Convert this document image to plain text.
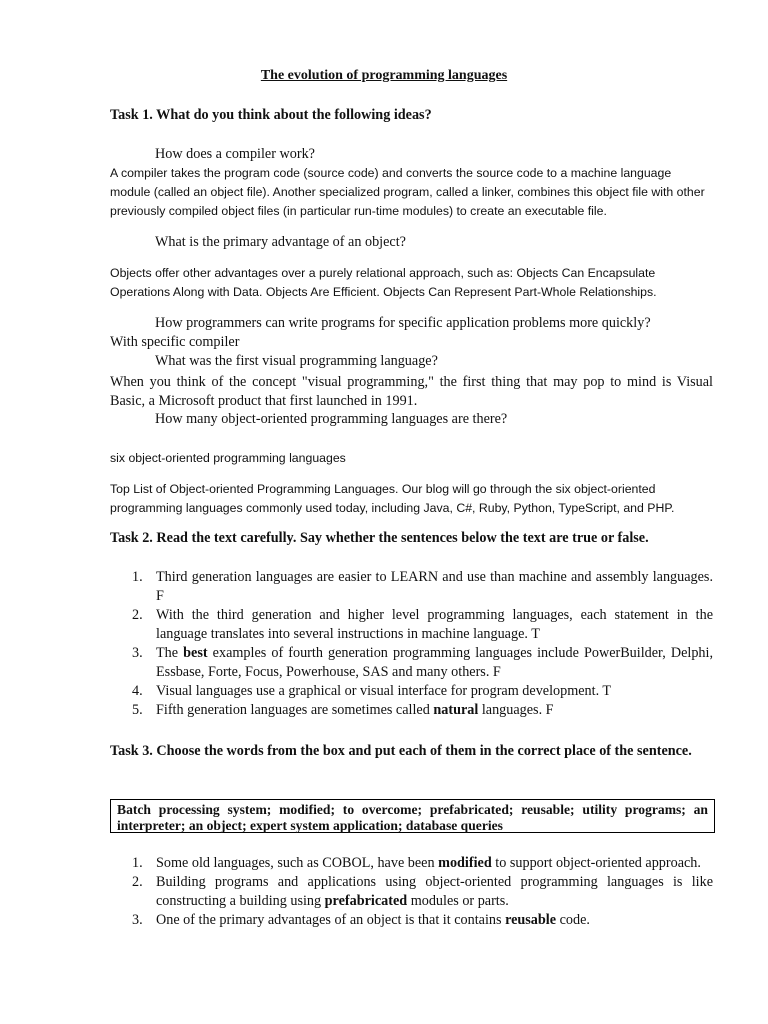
The evolution of programming languages
Task 1. What do you think about the following ideas?
How does a compiler work?
A compiler takes the program code (source code) and converts the source code to a machine language module (called an object file). Another specialized program, called a linker, combines this object file with other previously compiled object files (in particular run-time modules) to create an executable file.
What is the primary advantage of an object?
Objects offer other advantages over a purely relational approach, such as: Objects Can Encapsulate Operations Along with Data. Objects Are Efficient. Objects Can Represent Part-Whole Relationships.
How programmers can write programs for specific application problems more quickly?
With specific compiler
What was the first visual programming language?
When you think of the concept "visual programming," the first thing that may pop to mind is Visual Basic, a Microsoft product that first launched in 1991.
How many object-oriented programming languages are there?
six object-oriented programming languages
Top List of Object-oriented Programming Languages. Our blog will go through the six object-oriented programming languages commonly used today, including Java, C#, Ruby, Python, TypeScript, and PHP.
Task 2. Read the text carefully. Say whether the sentences below the text are true or false.
1. Third generation languages are easier to LEARN and use than machine and assembly languages. F
2. With the third generation and higher level programming languages, each statement in the language translates into several instructions in machine language. T
3. The best examples of fourth generation programming languages include PowerBuilder, Delphi, Essbase, Forte, Focus, Powerhouse, SAS and many others. F
4. Visual languages use a graphical or visual interface for program development. T
5. Fifth generation languages are sometimes called natural languages. F
Task 3. Choose the words from the box and put each of them in the correct place of the sentence.
Batch processing system; modified; to overcome; prefabricated; reusable; utility programs; an interpreter; an object; expert system application; database queries
1. Some old languages, such as COBOL, have been modified to support object-oriented approach.
2. Building programs and applications using object-oriented programming languages is like constructing a building using prefabricated modules or parts.
3. One of the primary advantages of an object is that it contains reusable code.
